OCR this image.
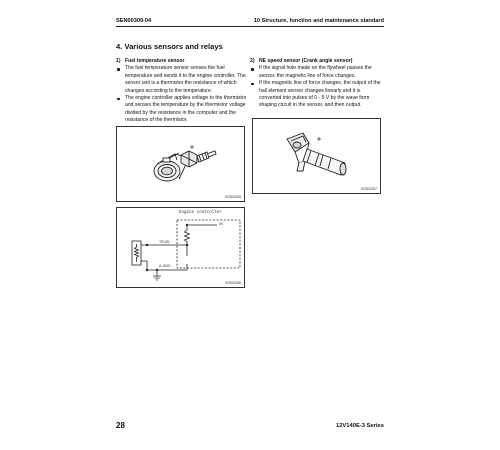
SEN00309-04	10 Structure, function and maintenance standard
4. Various sensors and relays
1) Fuel temperature sensor
The fuel temperature sensor senses the fuel temperature and sends it to the engine controller. The sensor unit is a thermistor the resistance of which changes according to the temperature.
The engine controller applies voltage to the thermistor and senses the temperature by the thermistor voltage divided by the resistance in the computer and the resistance of the thermistor.
2) NE speed sensor (Crank angle sensor)
If the signal hole made on the flywheel passes the sensor, the magnetic line of force changes.
If the magnetic line of force changes, the output of the hall element sensor changes linearly and it is converted into pulses of 0 - 5 V by the wave form shaping circuit in the sensor, and then output.
9JS03255
9JS03257
Engine controller
5V
TFUEL
A-GND
9JS03256
28	12V140E-3 Series
